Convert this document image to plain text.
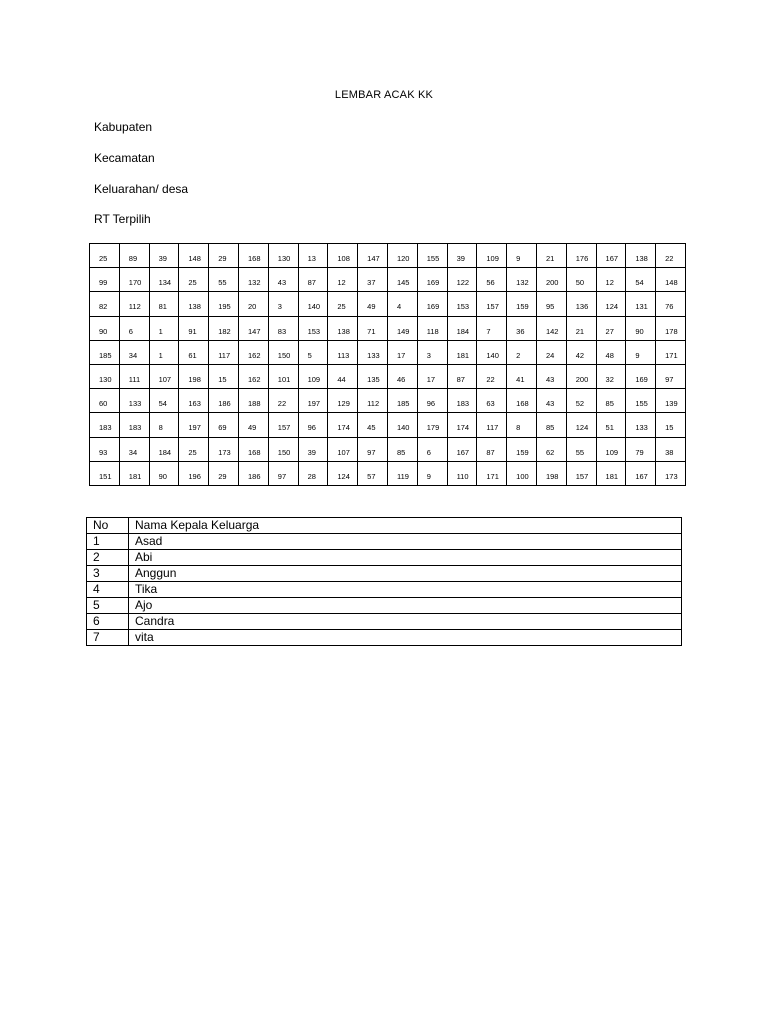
LEMBAR ACAK KK
Kabupaten
Kecamatan
Keluarahan/ desa
RT Terpilih
25	89	39	148	29	168	130	13	108	147	120	155	39	109	9	21	176	167	138	22
99	170	134	25	55	132	43	87	12	37	145	169	122	56	132	200	50	12	54	148
82	112	81	138	195	20	3	140	25	49	4	169	153	157	159	95	136	124	131	76
90	6	1	91	182	147	83	153	138	71	149	118	184	7	36	142	21	27	90	178
185	34	1	61	117	162	150	5	113	133	17	3	181	140	2	24	42	48	9	171
130	111	107	198	15	162	101	109	44	135	46	17	87	22	41	43	200	32	169	97
60	133	54	163	186	188	22	197	129	112	185	96	183	63	168	43	52	85	155	139
183	183	8	197	69	49	157	96	174	45	140	179	174	117	8	85	124	51	133	15
93	34	184	25	173	168	150	39	107	97	85	6	167	87	159	62	55	109	79	38
151	181	90	196	29	186	97	28	124	57	119	9	110	171	100	198	157	181	167	173
No	Nama Kepala Keluarga
1	Asad
2	Abi
3	Anggun
4	Tika
5	Ajo
6	Candra
7	vita
